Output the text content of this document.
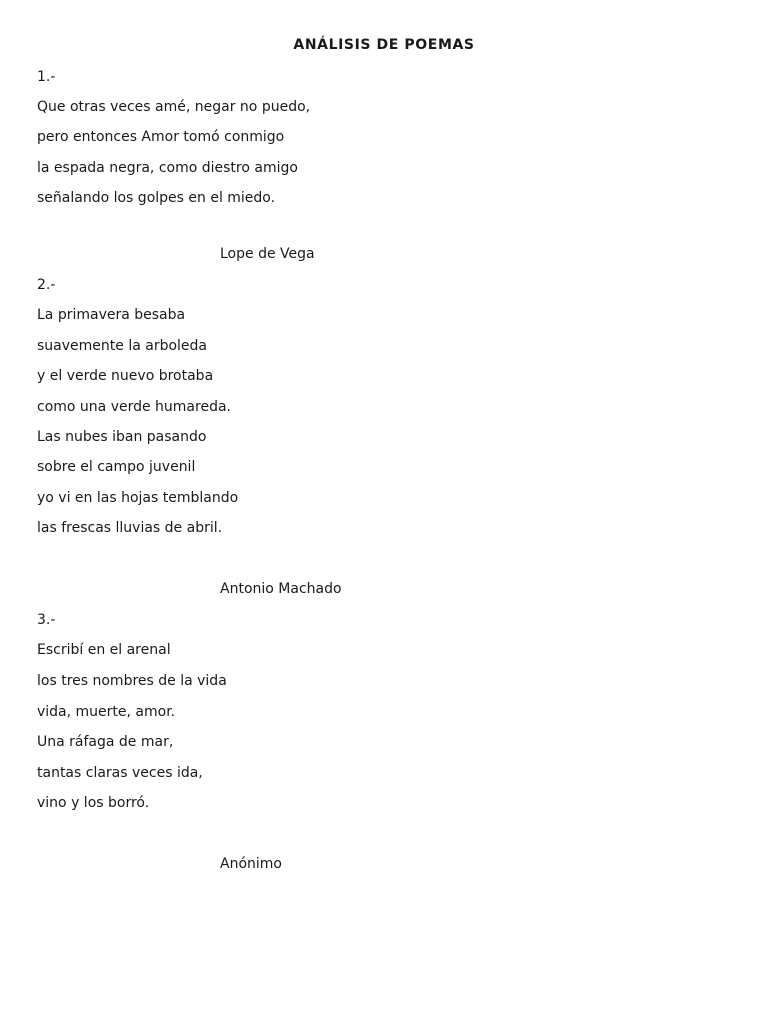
ANÁLISIS DE POEMAS
1.-
Que otras veces amé, negar no puedo,
pero entonces Amor tomó conmigo
la espada negra, como diestro amigo
señalando los golpes en el miedo.
Lope de Vega
2.-
La primavera besaba
suavemente la arboleda
y el verde nuevo brotaba
como una verde humareda.
Las nubes iban pasando
sobre el campo juvenil
yo vi en las hojas temblando
las frescas lluvias de abril.
Antonio Machado
3.-
Escribí en el arenal
los tres nombres de la vida
vida, muerte, amor.
Una ráfaga de mar,
tantas claras veces ida,
vino y los borró.
Anónimo
